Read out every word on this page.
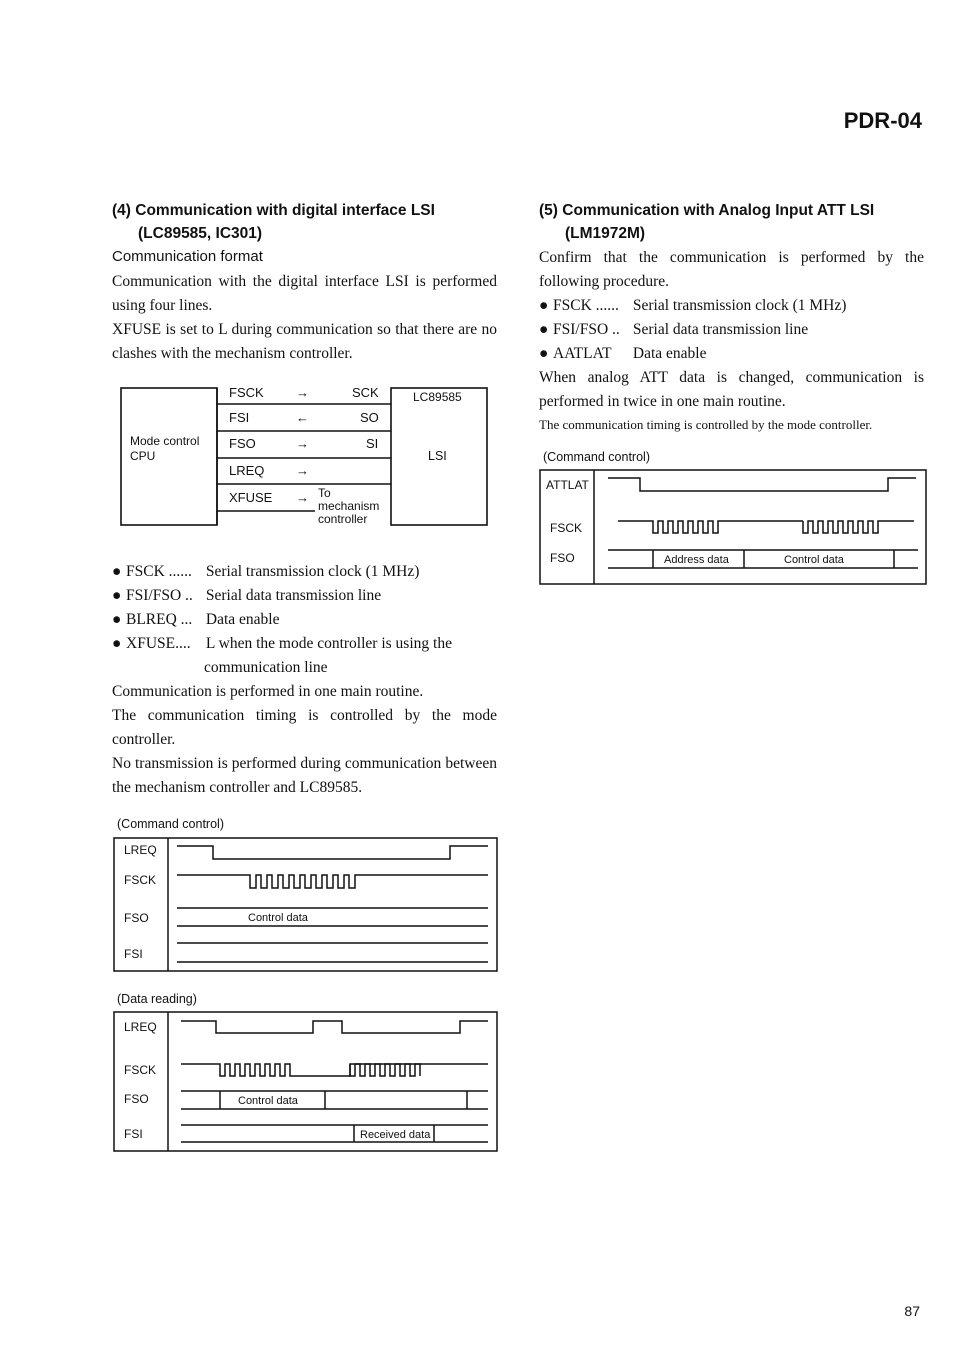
PDR-04
87
(4) Communication with digital interface LSI
(LC89585, IC301)
Communication format
Communication with the digital interface LSI is performed using four lines.
XFUSE is set to L during communication so that there are no clashes with the mechanism controller.
Mode control
CPU
LC89585
LSI
FSCK →	SCK
FSI	←	SO
FSO	→	SI
LREQ →
XFUSE → To
mechanism
controller
● FSCK ...... Serial transmission clock (1 MHz)
● FSI/FSO .. Serial data transmission line
● BLREQ ... Data enable
● XFUSE.... L when the mode controller is using the
communication line
Communication is performed in one main routine.
The communication timing is controlled by the mode controller.
No transmission is performed during communication between the mechanism controller and LC89585.
(Command control)
LREQ
FSCK
FSO
FSI
Control data
(Data reading)
LREQ
FSCK
FSO
FSI
Control data
Received data
(5) Communication with Analog Input ATT LSI
(LM1972M)
Confirm that the communication is performed by the following procedure.
● FSCK ...... Serial transmission clock (1 MHz)
● FSI/FSO .. Serial data transmission line
● AATLAT Data enable
When analog ATT data is changed, communication is performed in twice in one main routine.
The communication timing is controlled by the mode controller.
(Command control)
ATTLAT
FSCK
FSO	Address data	Control data
